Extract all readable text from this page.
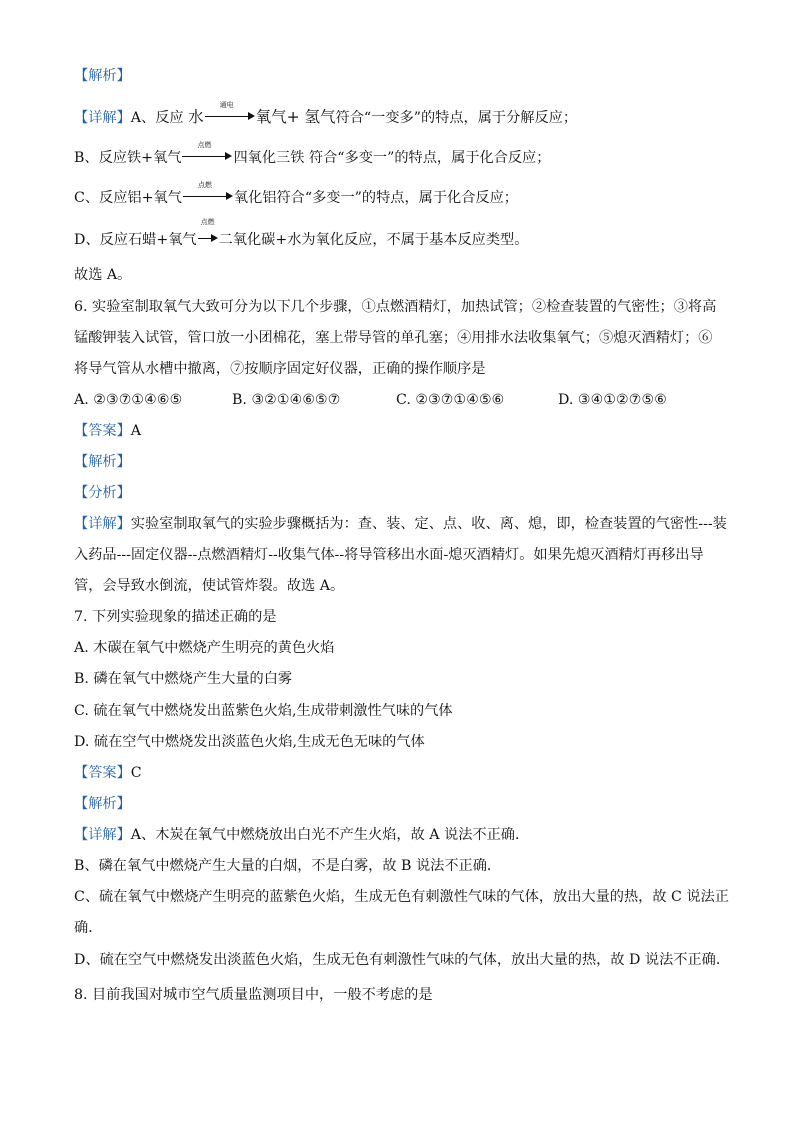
【解析】
【详解】A、反应 水
通电
氧气+ 氢气符合“一变多”的特点，属于分解反应；
B、反应铁+氧气
点燃
四氧化三铁 符合“多变一”的特点，属于化合反应；
C、反应铝+氧气
点燃
氧化铝符合“多变一”的特点，属于化合反应；
D、反应石蜡+氧气
点燃
二氧化碳+水为氧化反应，不属于基本反应类型。
故选 A。
6. 实验室制取氧气大致可分为以下几个步骤，①点燃酒精灯，加热试管；②检查装置的气密性；③将高
锰酸钾装入试管，管口放一小团棉花，塞上带导管的单孔塞；④用排水法收集氧气；⑤熄灭酒精灯；⑥
将导气管从水槽中撤离，⑦按顺序固定好仪器，正确的操作顺序是
A. ②③⑦①④⑥⑤	B. ③②①④⑥⑤⑦	C. ②③⑦①④⑤⑥	D. ③④①②⑦⑤⑥
【答案】A
【解析】
【分析】
【详解】实验室制取氧气的实验步骤概括为：查、装、定、点、收、离、熄，即，检查装置的气密性---装
入药品---固定仪器--点燃酒精灯--收集气体--将导管移出水面-熄灭酒精灯。如果先熄灭酒精灯再移出导
管，会导致水倒流，使试管炸裂。故选 A。
7. 下列实验现象的描述正确的是
A. 木碳在氧气中燃烧产生明亮的黄色火焰
B. 磷在氧气中燃烧产生大量的白雾
C. 硫在氧气中燃烧发出蓝紫色火焰,生成带刺激性气味的气体
D. 硫在空气中燃烧发出淡蓝色火焰,生成无色无味的气体
【答案】C
【解析】
【详解】A、木炭在氧气中燃烧放出白光不产生火焰，故 A 说法不正确．
B、磷在氧气中燃烧产生大量的白烟，不是白雾，故 B 说法不正确．
C、硫在氧气中燃烧产生明亮的蓝紫色火焰，生成无色有刺激性气味的气体，放出大量的热，故 C 说法正
确．
D、硫在空气中燃烧发出淡蓝色火焰，生成无色有刺激性气味的气体，放出大量的热，故 D 说法不正确．
8. 目前我国对城市空气质量监测项目中，一般不考虑的是
